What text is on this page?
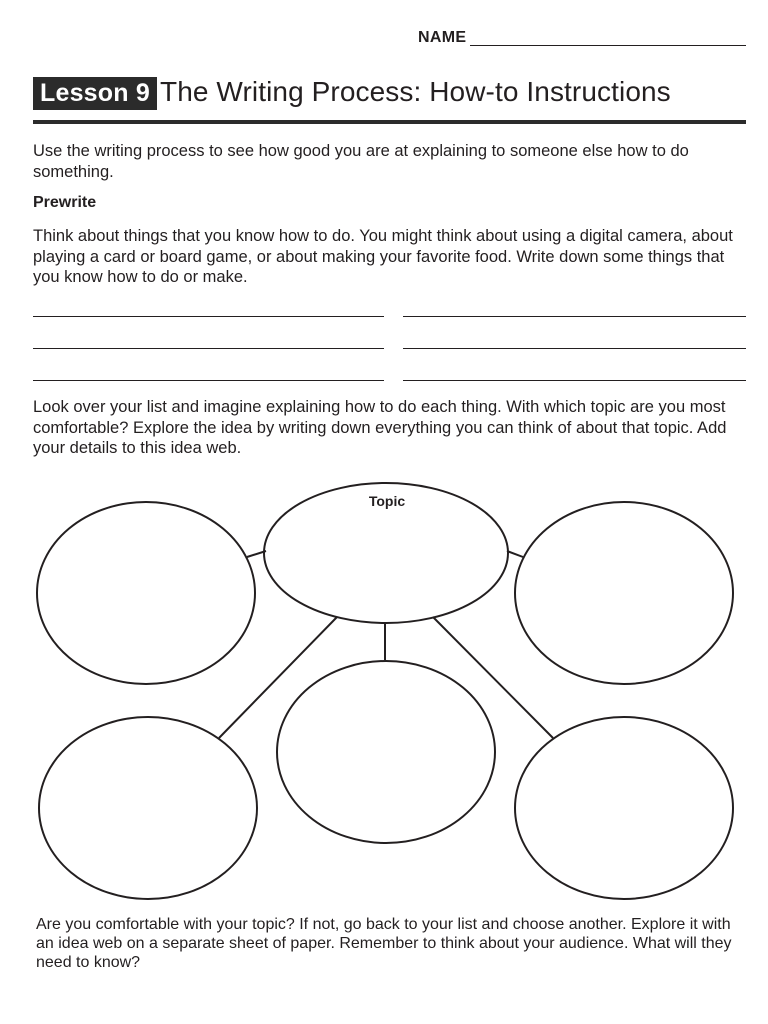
NAME
Lesson 9 The Writing Process: How-to Instructions

Use the writing process to see how good you are at explaining to someone else how to do something.

Prewrite

Think about things that you know how to do. You might think about using a digital camera, about playing a card or board game, or about making your favorite food. Write down some things that you know how to do or make.

Look over your list and imagine explaining how to do each thing. With which topic are you most comfortable? Explore the idea by writing down everything you can think of about that topic. Add your details to this idea web.

Topic

Are you comfortable with your topic? If not, go back to your list and choose another. Explore it with an idea web on a separate sheet of paper. Remember to think about your audience. What will they need to know?
